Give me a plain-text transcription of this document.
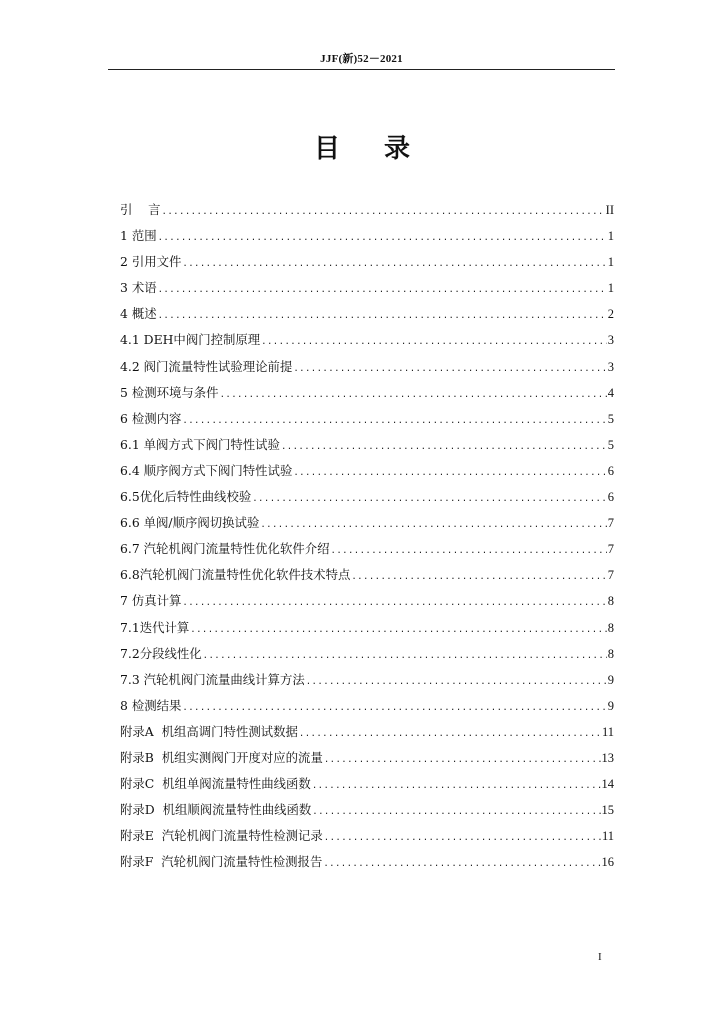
JJF(新)52－2021
目 录
引    言 .....	II
1 范围 .....	1
2 引用文件 .....	1
3 术语 .....	1
4 概述 .....	2
4.1 DEH中阀门控制原理 .....	3
4.2 阀门流量特性试验理论前提 .....	3
5 检测环境与条件 .....	4
6 检测内容 .....	5
6.1 单阀方式下阀门特性试验 .....	5
6.4 顺序阀方式下阀门特性试验 .....	6
6.5优化后特性曲线校验 .....	6
6.6 单阀/顺序阀切换试验 .....	7
6.7 汽轮机阀门流量特性优化软件介绍 .....	7
6.8汽轮机阀门流量特性优化软件技术特点 .....	7
7 仿真计算 .....	8
7.1迭代计算 .....	8
7.2分段线性化 .....	8
7.3 汽轮机阀门流量曲线计算方法 .....	9
8 检测结果 .....	9
附录A  机组高调门特性测试数据 .....	11
附录B  机组实测阀门开度对应的流量 .....	13
附录C  机组单阀流量特性曲线函数 .....	14
附录D  机组顺阀流量特性曲线函数 .....	15
附录E  汽轮机阀门流量特性检测记录 .....	11
附录F  汽轮机阀门流量特性检测报告 .....	16
I
